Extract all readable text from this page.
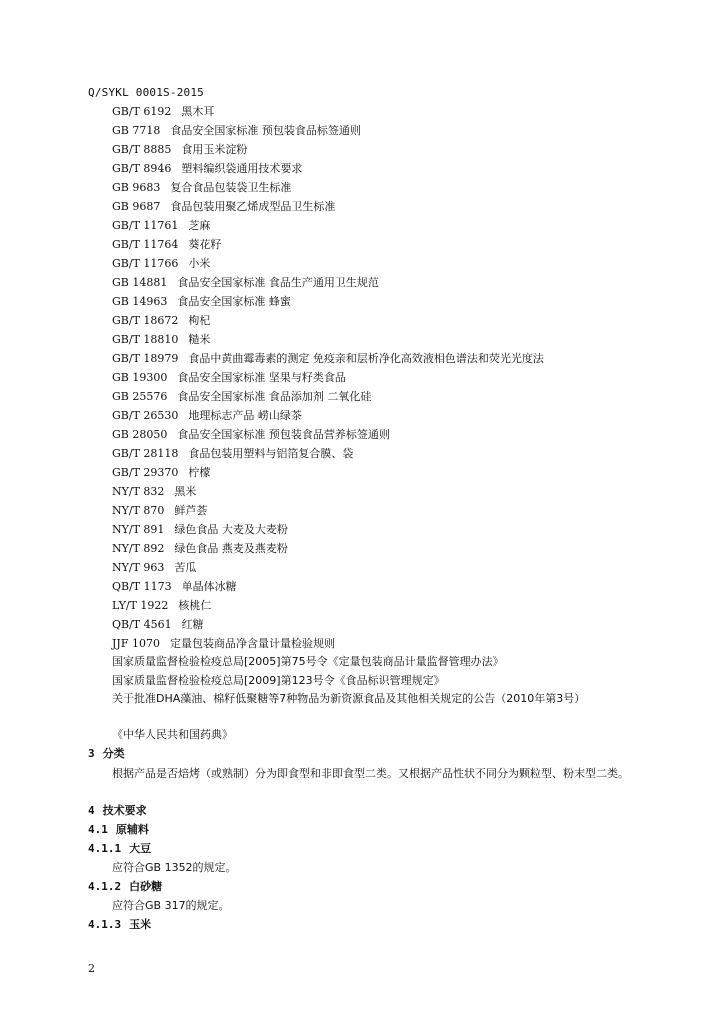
Q/SYKL 0001S-2015
GB/T 6192 黑木耳
GB 7718 食品安全国家标准 预包装食品标签通则
GB/T 8885 食用玉米淀粉
GB/T 8946 塑料编织袋通用技术要求
GB 9683 复合食品包装袋卫生标准
GB 9687 食品包装用聚乙烯成型品卫生标准
GB/T 11761 芝麻
GB/T 11764 葵花籽
GB/T 11766 小米
GB 14881 食品安全国家标准 食品生产通用卫生规范
GB 14963 食品安全国家标准 蜂蜜
GB/T 18672 枸杞
GB/T 18810 糙米
GB/T 18979 食品中黄曲霉毒素的测定 免疫亲和层析净化高效液相色谱法和荧光光度法
GB 19300 食品安全国家标准 坚果与籽类食品
GB 25576 食品安全国家标准 食品添加剂 二氧化硅
GB/T 26530 地理标志产品 崂山绿茶
GB 28050 食品安全国家标准 预包装食品营养标签通则
GB/T 28118 食品包装用塑料与铝箔复合膜、袋
GB/T 29370 柠檬
NY/T 832 黑米
NY/T 870 鲜芦荟
NY/T 891 绿色食品 大麦及大麦粉
NY/T 892 绿色食品 燕麦及燕麦粉
NY/T 963 苦瓜
QB/T 1173 单晶体冰糖
LY/T 1922 核桃仁
QB/T 4561 红糖
JJF 1070 定量包装商品净含量计量检验规则
国家质量监督检验检疫总局[2005]第75号令《定量包装商品计量监督管理办法》
国家质量监督检验检疫总局[2009]第123号令《食品标识管理规定》
关于批准DHA藻油、棉籽低聚糖等7种物品为新资源食品及其他相关规定的公告（2010年第3号）
《中华人民共和国药典》
3 分类
根据产品是否焙烤（或熟制）分为即食型和非即食型二类。又根据产品性状不同分为颗粒型、粉末型二类。
4 技术要求
4.1 原辅料
4.1.1 大豆
应符合GB 1352的规定。
4.1.2 白砂糖
应符合GB 317的规定。
4.1.3 玉米
2
